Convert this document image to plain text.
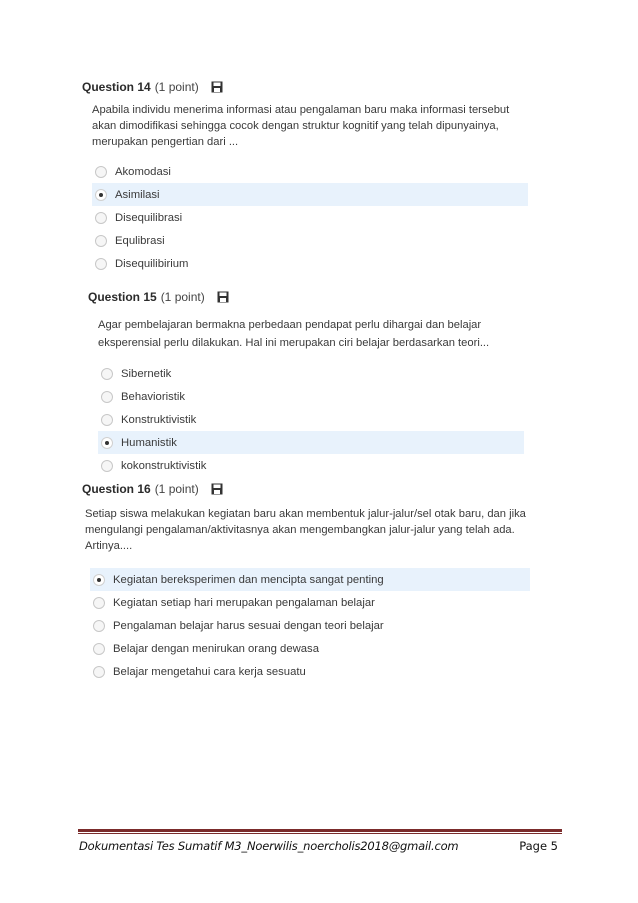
Question 14 (1 point)
Apabila individu menerima informasi atau pengalaman baru maka informasi tersebut akan dimodifikasi sehingga cocok dengan struktur kognitif yang telah dipunyainya, merupakan pengertian dari ...
Akomodasi
Asimilasi
Disequilibrasi
Equlibrasi
Disequilibirium
Question 15 (1 point)
Agar pembelajaran bermakna perbedaan pendapat perlu dihargai dan belajar eksperensial perlu dilakukan. Hal ini merupakan ciri belajar berdasarkan teori...
Sibernetik
Behavioristik
Konstruktivistik
Humanistik
kokonstruktivistik
Question 16 (1 point)
Setiap siswa melakukan kegiatan baru akan membentuk jalur-jalur/sel otak baru, dan jika mengulangi pengalaman/aktivitasnya akan mengembangkan jalur-jalur yang telah ada. Artinya....
Kegiatan bereksperimen dan mencipta sangat penting
Kegiatan setiap hari merupakan pengalaman belajar
Pengalaman belajar harus sesuai dengan teori belajar
Belajar dengan menirukan orang dewasa
Belajar mengetahui cara kerja sesuatu
Dokumentasi Tes Sumatif M3_Noerwilis_noercholis2018@gmail.com	Page 5
